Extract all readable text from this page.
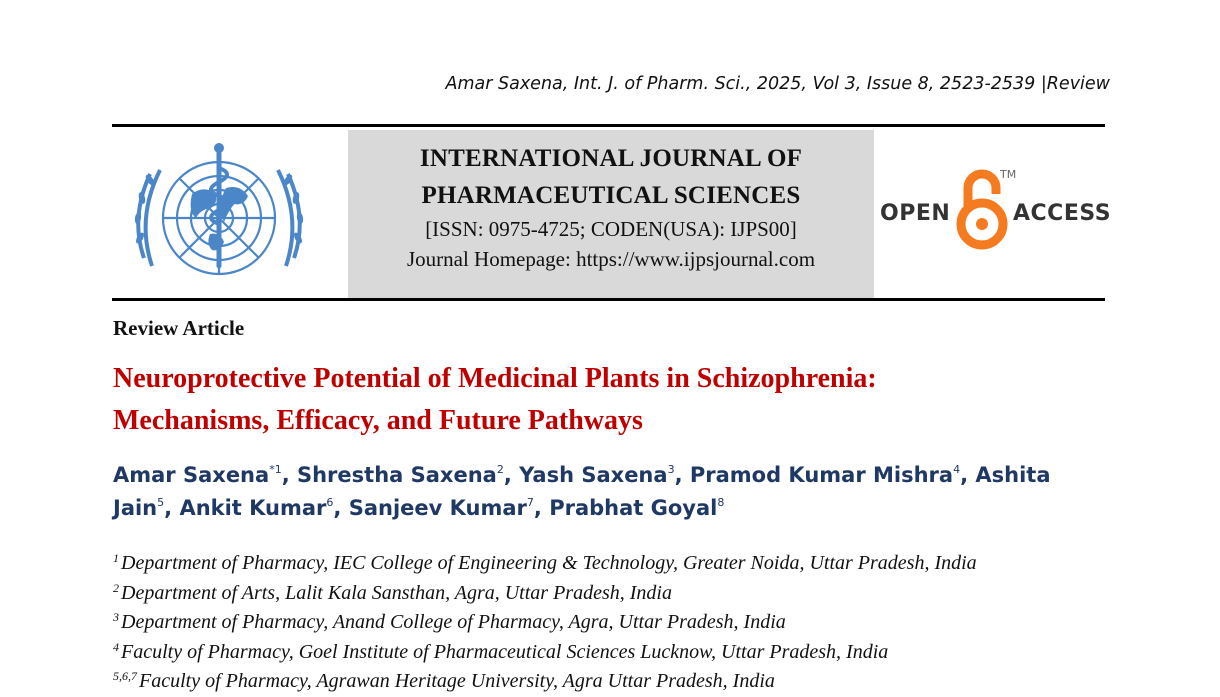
Amar Saxena, Int. J. of Pharm. Sci., 2025, Vol 3, Issue 8, 2523-2539 |Review
INTERNATIONAL JOURNAL OF
PHARMACEUTICAL SCIENCES
[ISSN: 0975-4725; CODEN(USA): IJPS00]
Journal Homepage: https://www.ijpsjournal.com
OPEN
TM
ACCESS
Review Article
Neuroprotective Potential of Medicinal Plants in Schizophrenia:
Mechanisms, Efficacy, and Future Pathways
Amar Saxena$^{*1}$, Shrestha Saxena$^2$, Yash Saxena$^3$, Pramod Kumar Mishra$^4$, Ashita Jain$^5$, Ankit Kumar$^6$, Sanjeev Kumar$^7$, Prabhat Goyal$^8$
$^1$ Department of Pharmacy, IEC College of Engineering & Technology, Greater Noida, Uttar Pradesh, India
$^2$ Department of Arts, Lalit Kala Sansthan, Agra, Uttar Pradesh, India
$^3$ Department of Pharmacy, Anand College of Pharmacy, Agra, Uttar Pradesh, India
$^4$ Faculty of Pharmacy, Goel Institute of Pharmaceutical Sciences Lucknow, Uttar Pradesh, India
$^{5,6,7}$ Faculty of Pharmacy, Agrawan Heritage University, Agra Uttar Pradesh, India
